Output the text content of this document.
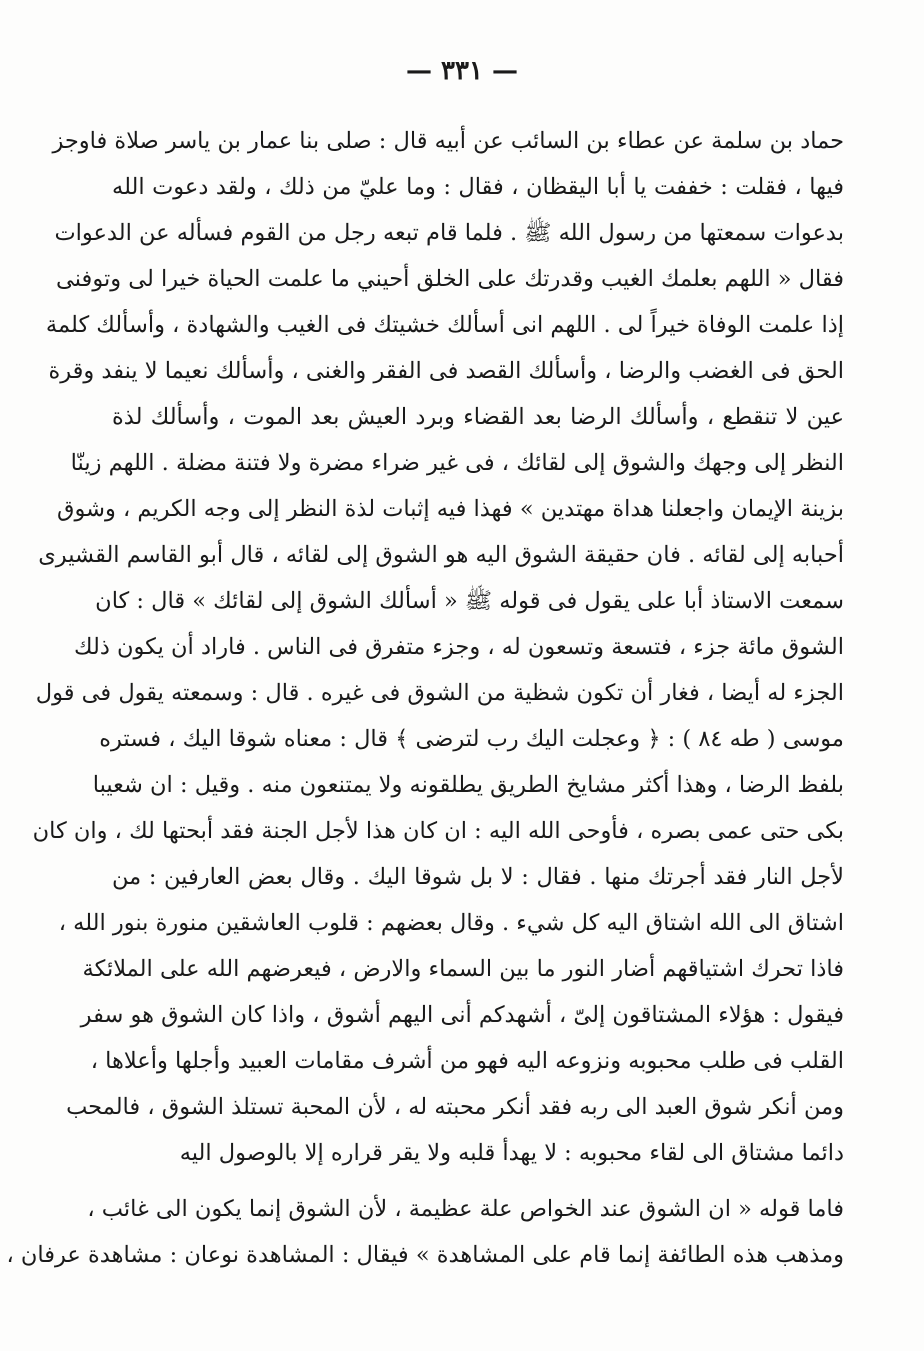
— ٣٣١ —
حماد بن سلمة عن عطاء بن السائب عن أبيه قال : صلى بنا عمار بن ياسر صلاة فاوجز
فيها ، فقلت : خففت يا أبا اليقظان ، فقال : وما عليّ من ذلك ، ولقد دعوت الله
بدعوات سمعتها من رسول الله ﷺ . فلما قام تبعه رجل من القوم فسأله عن الدعوات
فقال « اللهم بعلمك الغيب وقدرتك على الخلق أحيني ما علمت الحياة خيرا لى وتوفنى
إذا علمت الوفاة خيراً لى . اللهم انى أسألك خشيتك فى الغيب والشهادة ، وأسألك كلمة
الحق فى الغضب والرضا ، وأسألك القصد فى الفقر والغنى ، وأسألك نعيما لا ينفد وقرة
عين لا تنقطع ، وأسألك الرضا بعد القضاء وبرد العيش بعد الموت ، وأسألك لذة
النظر إلى وجهك والشوق إلى لقائك ، فى غير ضراء مضرة ولا فتنة مضلة . اللهم زينّا
بزينة الإيمان واجعلنا هداة مهتدين » فهذا فيه إثبات لذة النظر إلى وجه الكريم ، وشوق
أحبابه إلى لقائه . فان حقيقة الشوق اليه هو الشوق إلى لقائه ، قال أبو القاسم القشيرى
سمعت الاستاذ أبا على يقول فى قوله ﷺ « أسألك الشوق إلى لقائك » قال : كان
الشوق مائة جزء ، فتسعة وتسعون له ، وجزء متفرق فى الناس . فاراد أن يكون ذلك
الجزء له أيضا ، فغار أن تكون شظية من الشوق فى غيره . قال : وسمعته يقول فى قول
موسى ( طه ٨٤ ) : ﴿ وعجلت اليك رب لترضى ﴾ قال : معناه شوقا اليك ، فستره
بلفظ الرضا ، وهذا أكثر مشايخ الطريق يطلقونه ولا يمتنعون منه . وقيل : ان شعيبا
بكى حتى عمى بصره ، فأوحى الله اليه : ان كان هذا لأجل الجنة فقد أبحتها لك ، وان كان
لأجل النار فقد أجرتك منها . فقال : لا بل شوقا اليك . وقال بعض العارفين : من
اشتاق الى الله اشتاق اليه كل شيء . وقال بعضهم : قلوب العاشقين منورة بنور الله ،
فاذا تحرك اشتياقهم أضار النور ما بين السماء والارض ، فيعرضهم الله على الملائكة
فيقول : هؤلاء المشتاقون إلىّ ، أشهدكم أنى اليهم أشوق ، واذا كان الشوق هو سفر
القلب فى طلب محبوبه ونزوعه اليه فهو من أشرف مقامات العبيد وأجلها وأعلاها ،
ومن أنكر شوق العبد الى ربه فقد أنكر محبته له ، لأن المحبة تستلذ الشوق ، فالمحب
دائما مشتاق الى لقاء محبوبه : لا يهدأ قلبه ولا يقر قراره إلا بالوصول اليه
فاما قوله « ان الشوق عند الخواص علة عظيمة ، لأن الشوق إنما يكون الى غائب ،
ومذهب هذه الطائفة إنما قام على المشاهدة » فيقال : المشاهدة نوعان : مشاهدة عرفان ،
